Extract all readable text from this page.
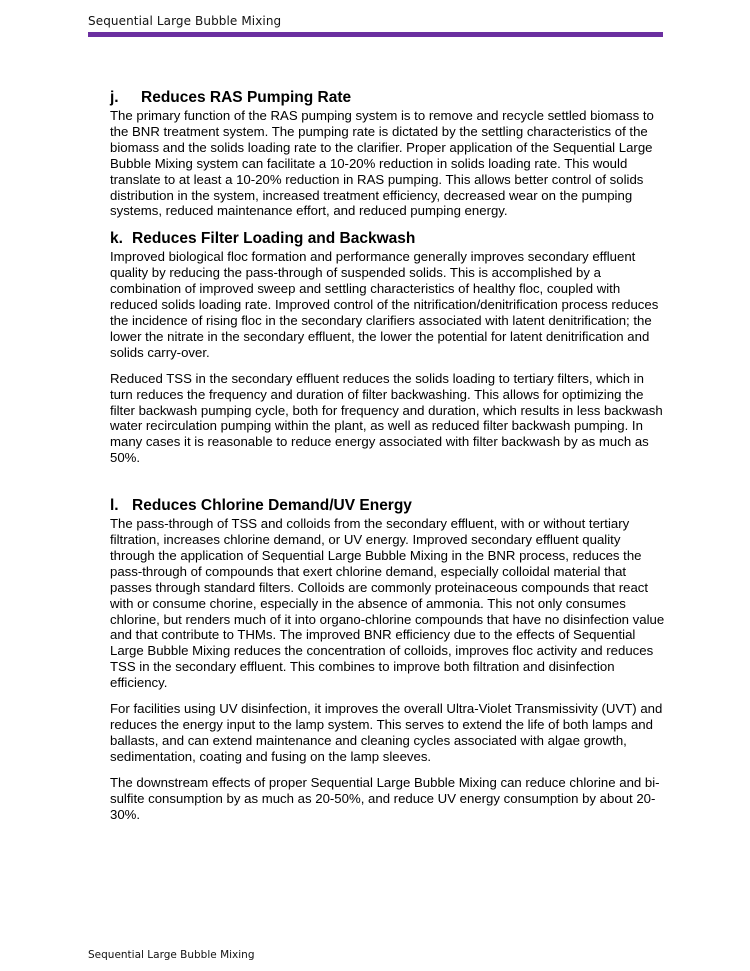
Sequential Large Bubble Mixing
j. Reduces RAS Pumping Rate

The primary function of the RAS pumping system is to remove and recycle settled biomass to the BNR treatment system. The pumping rate is dictated by the settling characteristics of the biomass and the solids loading rate to the clarifier. Proper application of the Sequential Large Bubble Mixing system can facilitate a 10-20% reduction in solids loading rate. This would translate to at least a 10-20% reduction in RAS pumping. This allows better control of solids distribution in the system, increased treatment efficiency, decreased wear on the pumping systems, reduced maintenance effort, and reduced pumping energy.

k. Reduces Filter Loading and Backwash

Improved biological floc formation and performance generally improves secondary effluent quality by reducing the pass-through of suspended solids. This is accomplished by a combination of improved sweep and settling characteristics of healthy floc, coupled with reduced solids loading rate. Improved control of the nitrification/denitrification process reduces the incidence of rising floc in the secondary clarifiers associated with latent denitrification; the lower the nitrate in the secondary effluent, the lower the potential for latent denitrification and solids carry-over.

Reduced TSS in the secondary effluent reduces the solids loading to tertiary filters, which in turn reduces the frequency and duration of filter backwashing. This allows for optimizing the filter backwash pumping cycle, both for frequency and duration, which results in less backwash water recirculation pumping within the plant, as well as reduced filter backwash pumping. In many cases it is reasonable to reduce energy associated with filter backwash by as much as 50%.

l. Reduces Chlorine Demand/UV Energy

The pass-through of TSS and colloids from the secondary effluent, with or without tertiary filtration, increases chlorine demand, or UV energy. Improved secondary effluent quality through the application of Sequential Large Bubble Mixing in the BNR process, reduces the pass-through of compounds that exert chlorine demand, especially colloidal material that passes through standard filters. Colloids are commonly proteinaceous compounds that react with or consume chorine, especially in the absence of ammonia. This not only consumes chlorine, but renders much of it into organo-chlorine compounds that have no disinfection value and that contribute to THMs. The improved BNR efficiency due to the effects of Sequential Large Bubble Mixing reduces the concentration of colloids, improves floc activity and reduces TSS in the secondary effluent. This combines to improve both filtration and disinfection efficiency.

For facilities using UV disinfection, it improves the overall Ultra-Violet Transmissivity (UVT) and reduces the energy input to the lamp system. This serves to extend the life of both lamps and ballasts, and can extend maintenance and cleaning cycles associated with algae growth, sedimentation, coating and fusing on the lamp sleeves.

The downstream effects of proper Sequential Large Bubble Mixing can reduce chlorine and bi-sulfite consumption by as much as 20-50%, and reduce UV energy consumption by about 20-30%.

Sequential Large Bubble Mixing
